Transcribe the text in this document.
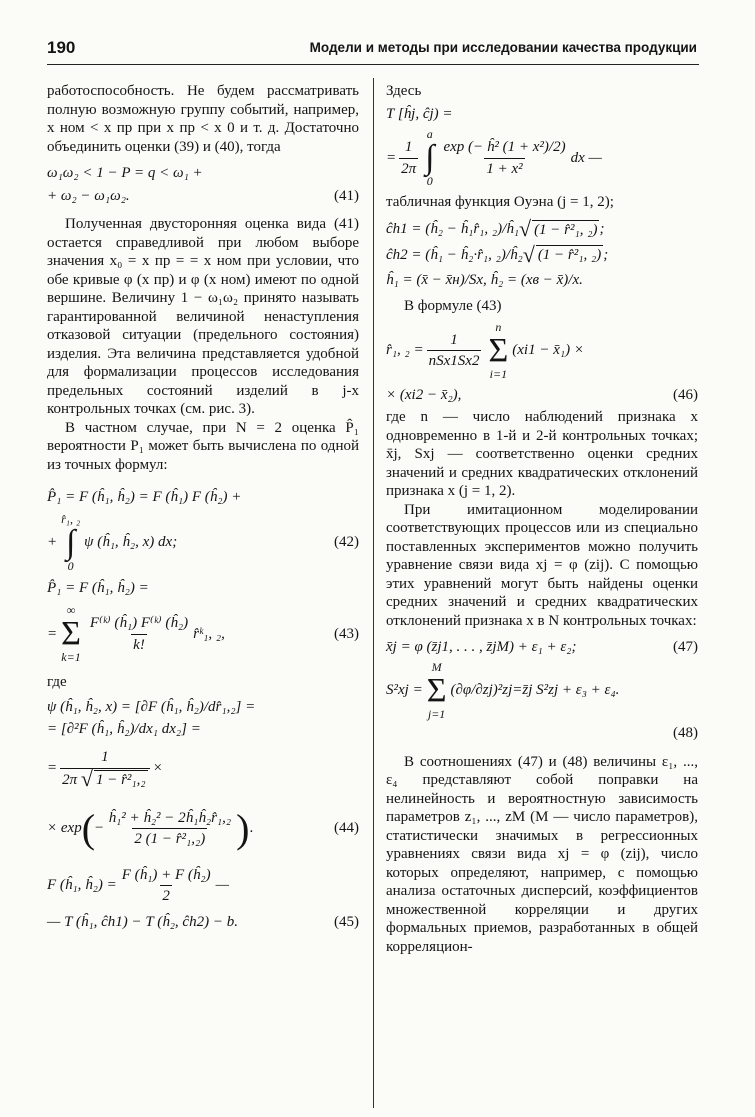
190	Модели и методы при исследовании качества продукции

работоспособность. Не будем рассматривать полную возможную группу событий, например, x ном < x пр при x пр < x 0 и т. д. Достаточно объединить оценки (39) и (40), тогда

ω₁ω₂ < 1 − P = q < ω₁ +
+ ω₂ − ω₁ω₂.	(41)

Полученная двусторонняя оценка вида (41) остается справедливой при любом выборе значения x₀ = x пр = = x ном при условии, что обе кривые φ (x пр) и φ (x ном) имеют по одной вершине. Величину 1 − ω₁ω₂ принято называть гарантированной величиной ненаступления отказовой ситуации (предельного состояния) изделия. Эта величина представляется удобной для формализации процессов исследования предельных состояний изделий в j-х контрольных точках (см. рис. 3).

В частном случае, при N = 2 оценка P̂₁ вероятности P₁ может быть вычислена по одной из точных формул:

P̂₁ = F (ĥ₁, ĥ₂) = F (ĥ₁) F (ĥ₂) +
+
r̂₁, ₂
∫
0
ψ (ĥ₁, ĥ₂, x) dx;	(42)
P̂₁ = F (ĥ₁, ĥ₂) =
=
∞
Σ
k=1
$\frac{\text{F⁽ᵏ⁾ (ĥ₁) F⁽ᵏ⁾ (ĥ₂)}}{k!}$ r̂ᵏ₁, ₂,	(43)

где

ψ (ĥ₁, ĥ₂, x) = [∂F (ĥ₁, ĥ₂)/dr̂₁,₂] =
= [∂²F (ĥ₁, ĥ₂)/dx₁ dx₂] =
= $\frac{1}{\text{2π √ 1 − r̂²₁,₂}}$ ×
× exp ( − $\frac{\text{ĥ₁² + ĥ₂² − 2ĥ₁ĥ₂r̂₁,₂}}{\text{2 (1 − r̂²₁,₂)}}$ ) .	(44)
F (ĥ₁, ĥ₂) = $\frac{\text{F (ĥ₁) + F (ĥ₂)}}{2}$ —
— T (ĥ₁, ĉh1) − T (ĥ₂, ĉh2) − b.	(45)

Здесь

T [ĥj, ĉj) =
= $\frac{1}{2\pi}$
a
∫
0
$\frac{\text{exp (− ĥ² (1 + x²)/2)}}{\text{1 + x²}}$ dx —

табличная функция Оуэна (j = 1, 2);

ĉh1 = (ĥ₂ − ĥ₁r̂₁, ₂)/ĥ₁ √ (1 − r̂²₁, ₂) ;
ĉh2 = (ĥ₁ − ĥ₂·r̂₁, ₂)/ĥ₂ √ (1 − r̂²₁, ₂) ;
ĥ₁ = (x̄ − x̄н)/Sx, ĥ₂ = (xв − x̄)/x.

В формуле (43)

r̂₁, $_2 = \frac{1}{\text{nSx1Sx2}}$
n
Σ
i=1
(xi1 − x̄₁) ×
× (xi2 − x̄₂),	(46)

где n — число наблюдений признака x одновременно в 1-й и 2-й контрольных точках; x̄j, Sxj — соответственно оценки средних значений и средних квадратических отклонений признака x (j = 1, 2).

При имитационном моделировании соответствующих процессов или из специально поставленных экспериментов можно получить уравнение связи вида xj = φ (zij). С помощью этих уравнений могут быть найдены оценки средних значений и средних квадратических отклонений признака x в N контрольных точках:

x̄j = φ (z̄j1, . . . , z̄jM) + ε₁ + ε₂;	(47)
S²xj =
M
Σ
j=1
(∂φ/∂zj)²zj=z̄j S²zj + ε₃ + ε₄.
(48)

В соотношениях (47) и (48) величины ε₁, ..., ε₄ представляют собой поправки на нелинейность и вероятностную зависимость параметров z₁, ..., zM (M — число параметров), статистически значимых в регрессионных уравнениях связи вида xj = φ (zij), число которых определяют, например, с помощью анализа остаточных дисперсий, коэффициентов множественной корреляции и других формальных приемов, разработанных в общей корреляцион-
